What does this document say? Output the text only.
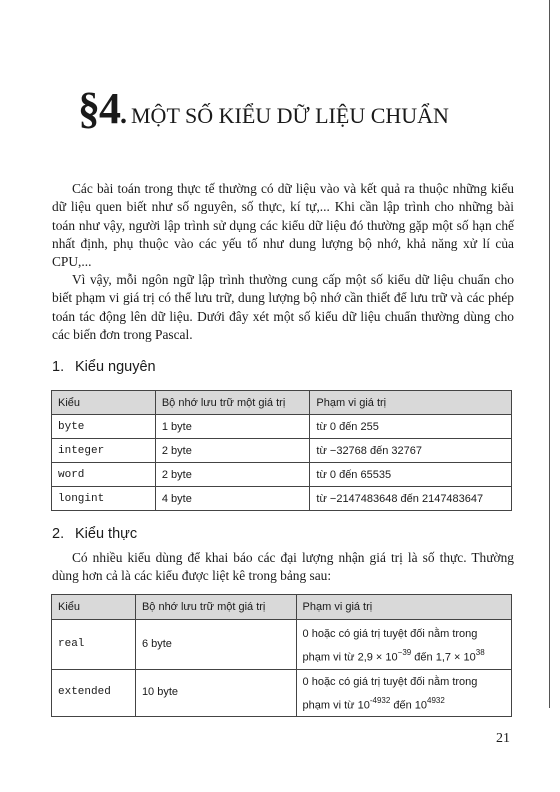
§4. MỘT SỐ KIỂU DỮ LIỆU CHUẨN

Các bài toán trong thực tế thường có dữ liệu vào và kết quả ra thuộc những kiểu dữ liệu quen biết như số nguyên, số thực, kí tự,... Khi cần lập trình cho những bài toán như vậy, người lập trình sử dụng các kiểu dữ liệu đó thường gặp một số hạn chế nhất định, phụ thuộc vào các yếu tố như dung lượng bộ nhớ, khả năng xử lí của CPU,...

Vì vậy, mỗi ngôn ngữ lập trình thường cung cấp một số kiểu dữ liệu chuẩn cho biết phạm vi giá trị có thể lưu trữ, dung lượng bộ nhớ cần thiết để lưu trữ và các phép toán tác động lên dữ liệu. Dưới đây xét một số kiểu dữ liệu chuẩn thường dùng cho các biến đơn trong Pascal.

1. Kiểu nguyên
Kiểu	Bộ nhớ lưu trữ một giá trị	Phạm vi giá trị
byte	1 byte	từ 0 đến 255
integer	2 byte	từ −32768 đến 32767
word	2 byte	từ 0 đến 65535
longint	4 byte	từ −2147483648 đến 2147483647
2. Kiểu thực

Có nhiều kiểu dùng để khai báo các đại lượng nhận giá trị là số thực. Thường dùng hơn cả là các kiểu được liệt kê trong bảng sau:

Kiểu	Bộ nhớ lưu trữ một giá trị	Phạm vi giá trị
real	6 byte	0 hoặc có giá trị tuyệt đối nằm trong
phạm vi từ $2,9 \times 10^{-39}$ đến $1,7 \times 10^{38}$
extended	10 byte	0 hoặc có giá trị tuyệt đối nằm trong
phạm vi từ $10^{-4932}$ đến $10^{4932}$
21
